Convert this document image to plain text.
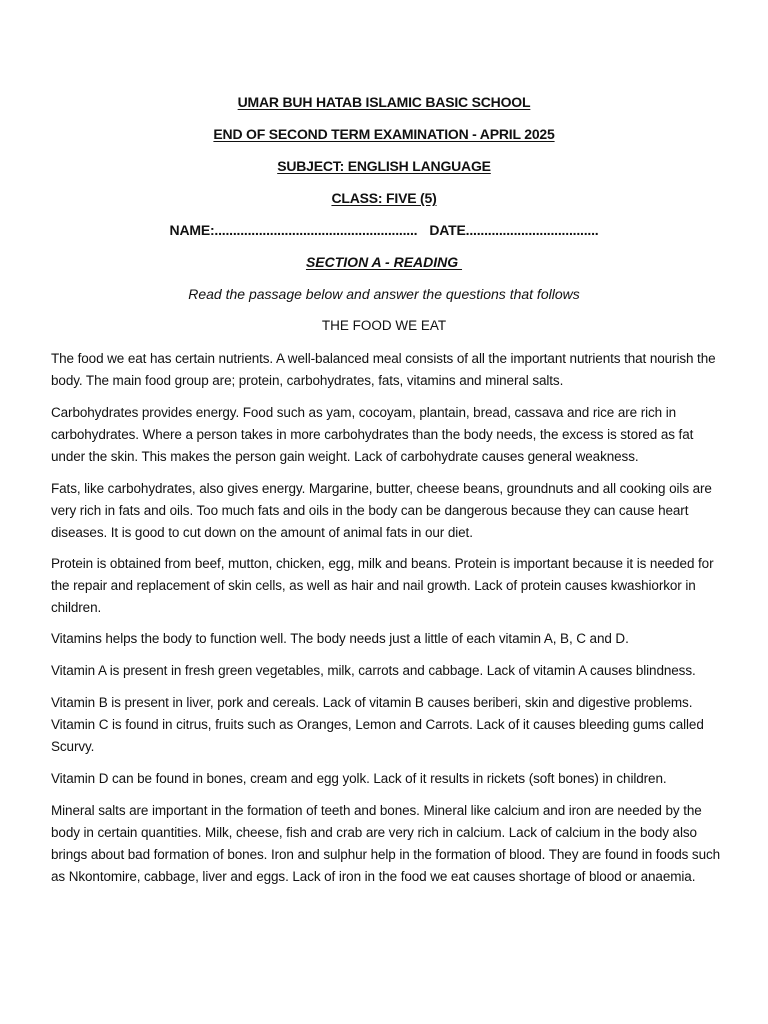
UMAR BUH HATAB ISLAMIC BASIC SCHOOL
END OF SECOND TERM EXAMINATION - APRIL 2025
SUBJECT: ENGLISH LANGUAGE
CLASS: FIVE (5)
NAME:....................................................... DATE....................................
SECTION A - READING
Read the passage below and answer the questions that follows
THE FOOD WE EAT

The food we eat has certain nutrients. A well-balanced meal consists of all the important nutrients that nourish the body. The main food group are; protein, carbohydrates, fats, vitamins and mineral salts.

Carbohydrates provides energy. Food such as yam, cocoyam, plantain, bread, cassava and rice are rich in carbohydrates. Where a person takes in more carbohydrates than the body needs, the excess is stored as fat under the skin. This makes the person gain weight. Lack of carbohydrate causes general weakness.

Fats, like carbohydrates, also gives energy. Margarine, butter, cheese beans, groundnuts and all cooking oils are very rich in fats and oils. Too much fats and oils in the body can be dangerous because they can cause heart diseases. It is good to cut down on the amount of animal fats in our diet.

Protein is obtained from beef, mutton, chicken, egg, milk and beans. Protein is important because it is needed for the repair and replacement of skin cells, as well as hair and nail growth. Lack of protein causes kwashiorkor in children.

Vitamins helps the body to function well. The body needs just a little of each vitamin A, B, C and D.

Vitamin A is present in fresh green vegetables, milk, carrots and cabbage. Lack of vitamin A causes blindness.

Vitamin B is present in liver, pork and cereals. Lack of vitamin B causes beriberi, skin and digestive problems. Vitamin C is found in citrus, fruits such as Oranges, Lemon and Carrots. Lack of it causes bleeding gums called Scurvy.

Vitamin D can be found in bones, cream and egg yolk. Lack of it results in rickets (soft bones) in children.

Mineral salts are important in the formation of teeth and bones. Mineral like calcium and iron are needed by the body in certain quantities. Milk, cheese, fish and crab are very rich in calcium. Lack of calcium in the body also brings about bad formation of bones. Iron and sulphur help in the formation of blood. They are found in foods such as Nkontomire, cabbage, liver and eggs. Lack of iron in the food we eat causes shortage of blood or anaemia.
